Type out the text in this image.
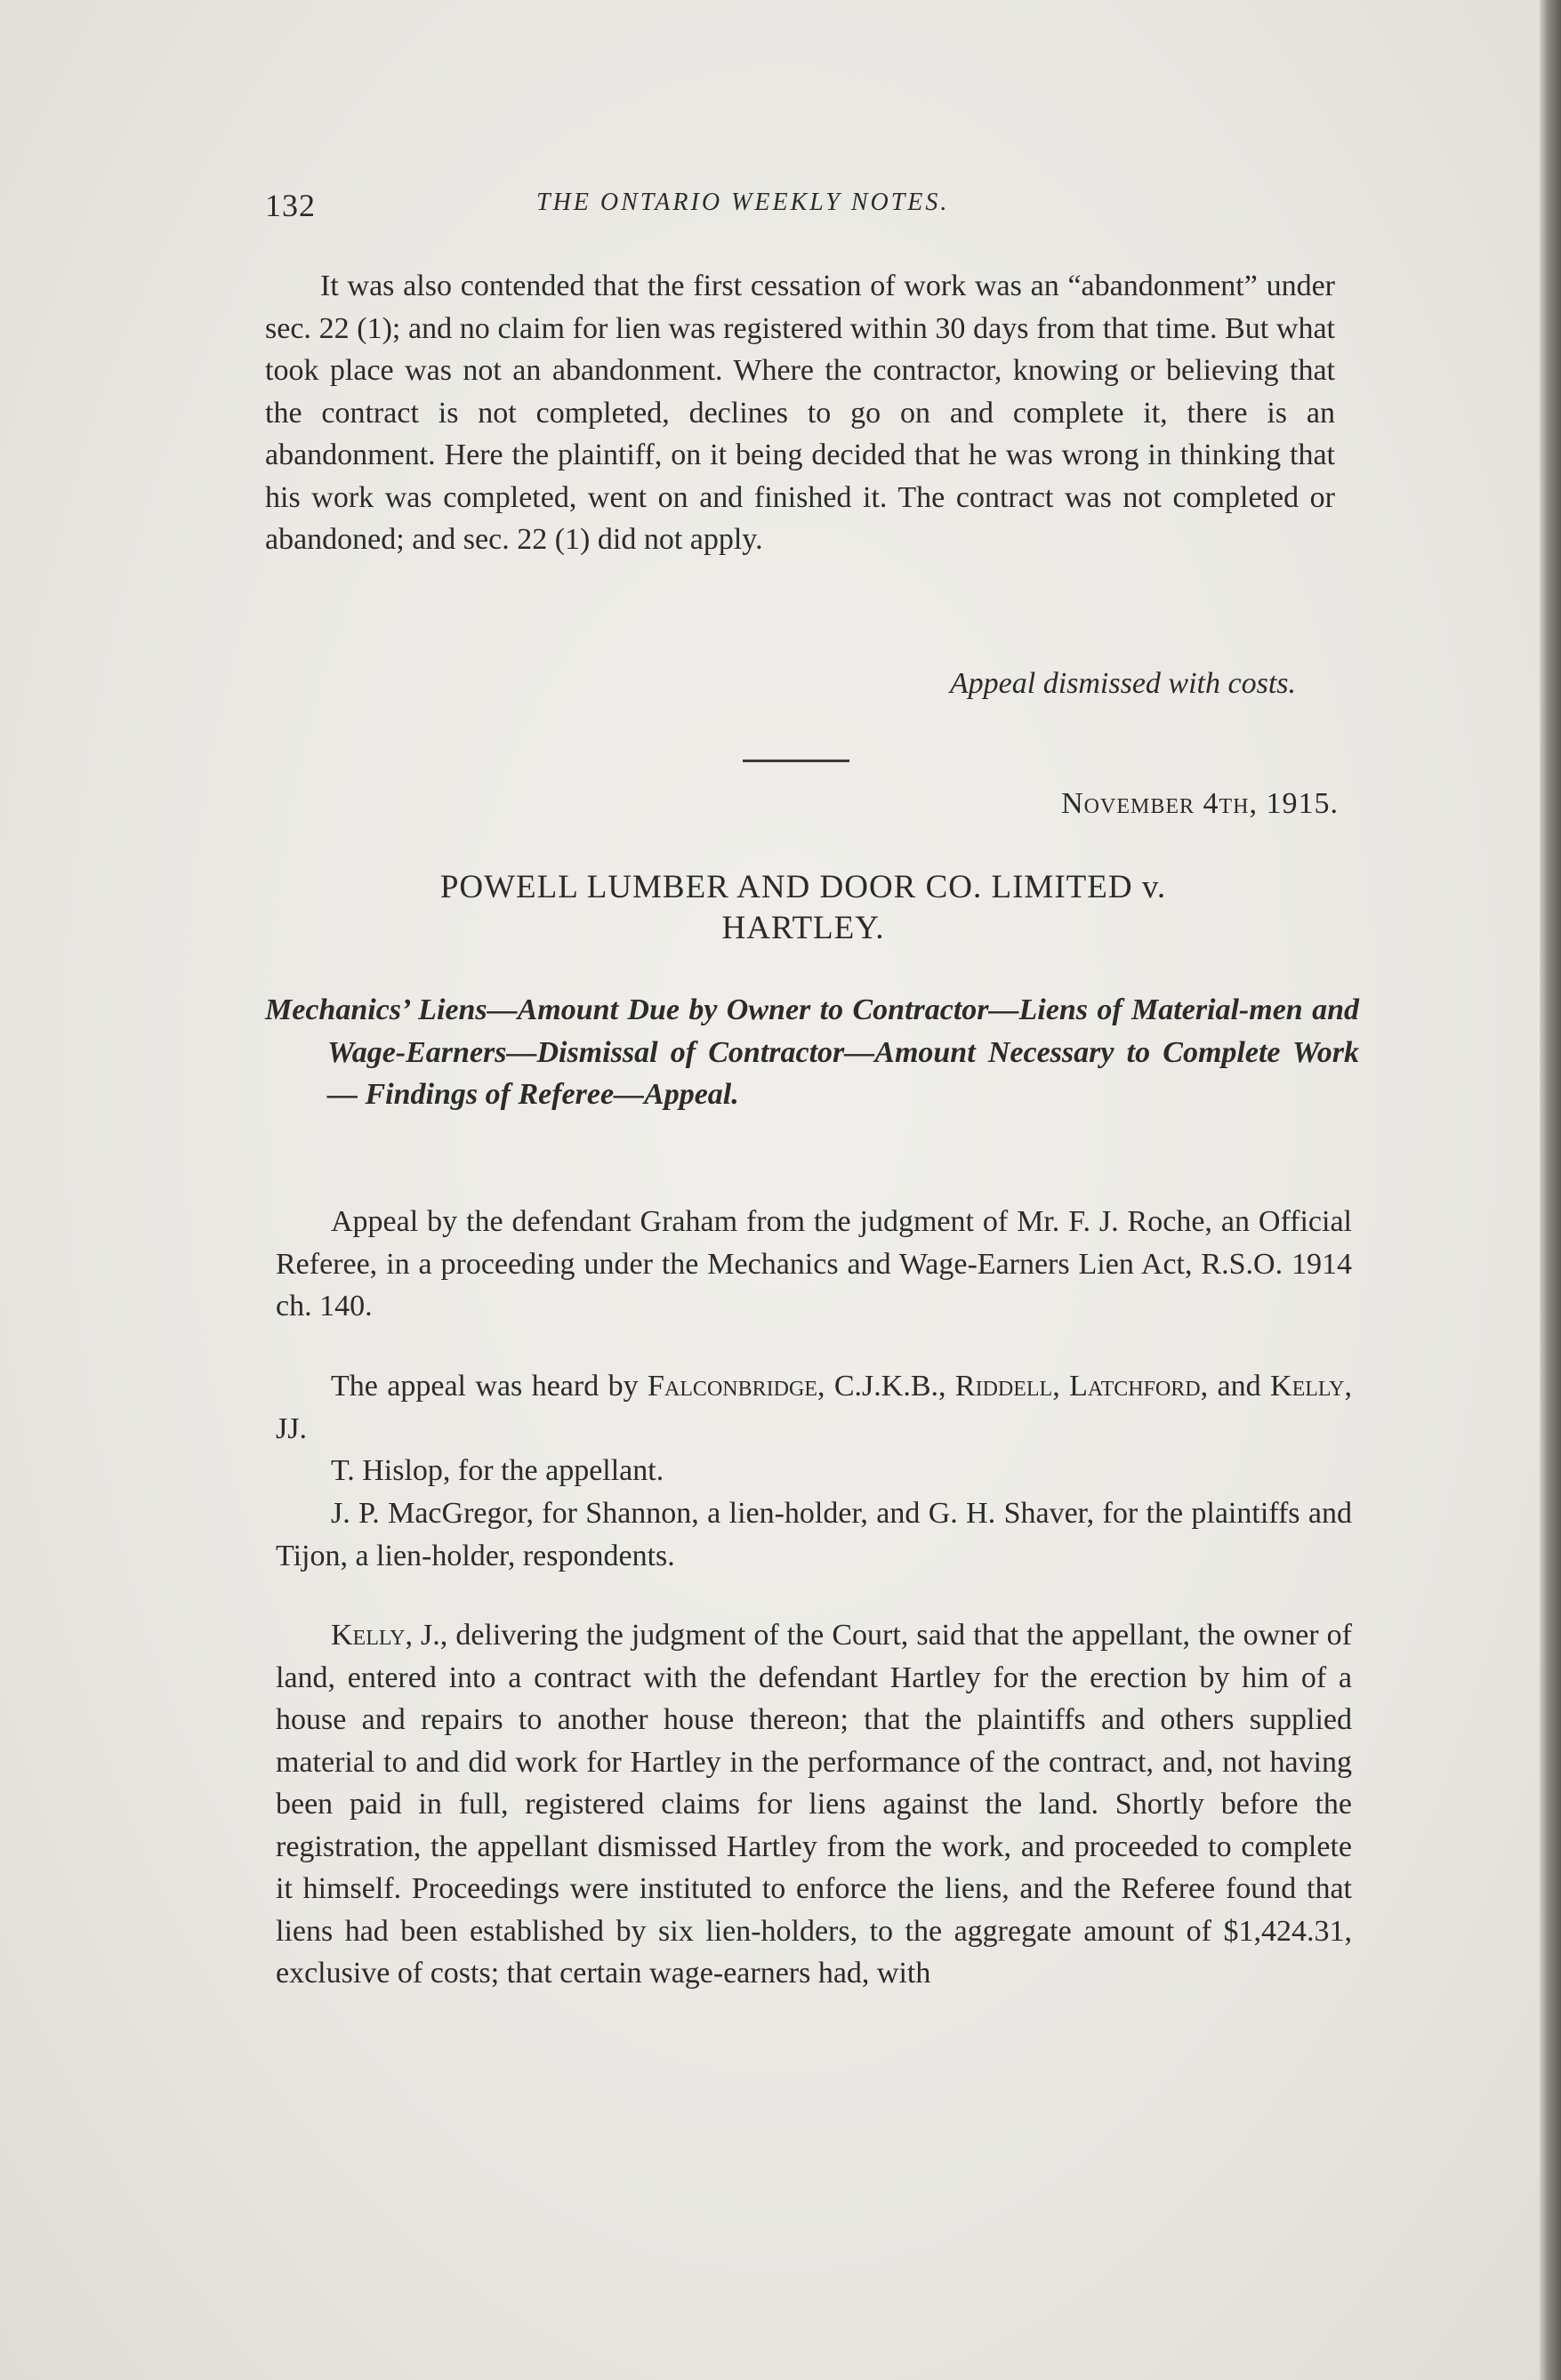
132	THE ONTARIO WEEKLY NOTES.

It was also contended that the first cessation of work was an “abandonment” under sec. 22 (1); and no claim for lien was registered within 30 days from that time. But what took place was not an abandonment. Where the contractor, knowing or believing that the contract is not completed, declines to go on and complete it, there is an abandonment. Here the plaintiff, on it being decided that he was wrong in thinking that his work was completed, went on and finished it. The contract was not completed or abandoned; and sec. 22 (1) did not apply.

Appeal dismissed with costs.
November 4th, 1915.
POWELL LUMBER AND DOOR CO. LIMITED v.
HARTLEY.

Mechanics’ Liens—Amount Due by Owner to Contractor—Liens of Material-men and Wage-Earners—Dismissal of Contractor—Amount Necessary to Complete Work — Findings of Referee—Appeal.

Appeal by the defendant Graham from the judgment of Mr. F. J. Roche, an Official Referee, in a proceeding under the Mechanics and Wage-Earners Lien Act, R.S.O. 1914 ch. 140.

The appeal was heard by Falconbridge, C.J.K.B., Riddell, Latchford, and Kelly, JJ.

T. Hislop, for the appellant.

J. P. MacGregor, for Shannon, a lien-holder, and G. H. Shaver, for the plaintiffs and Tijon, a lien-holder, respondents.

Kelly, J., delivering the judgment of the Court, said that the appellant, the owner of land, entered into a contract with the defendant Hartley for the erection by him of a house and repairs to another house thereon; that the plaintiffs and others supplied material to and did work for Hartley in the performance of the contract, and, not having been paid in full, registered claims for liens against the land. Shortly before the registration, the appellant dismissed Hartley from the work, and proceeded to complete it himself. Proceedings were instituted to enforce the liens, and the Referee found that liens had been established by six lien-holders, to the aggregate amount of $1,424.31, exclusive of costs; that certain wage-earners had, with
